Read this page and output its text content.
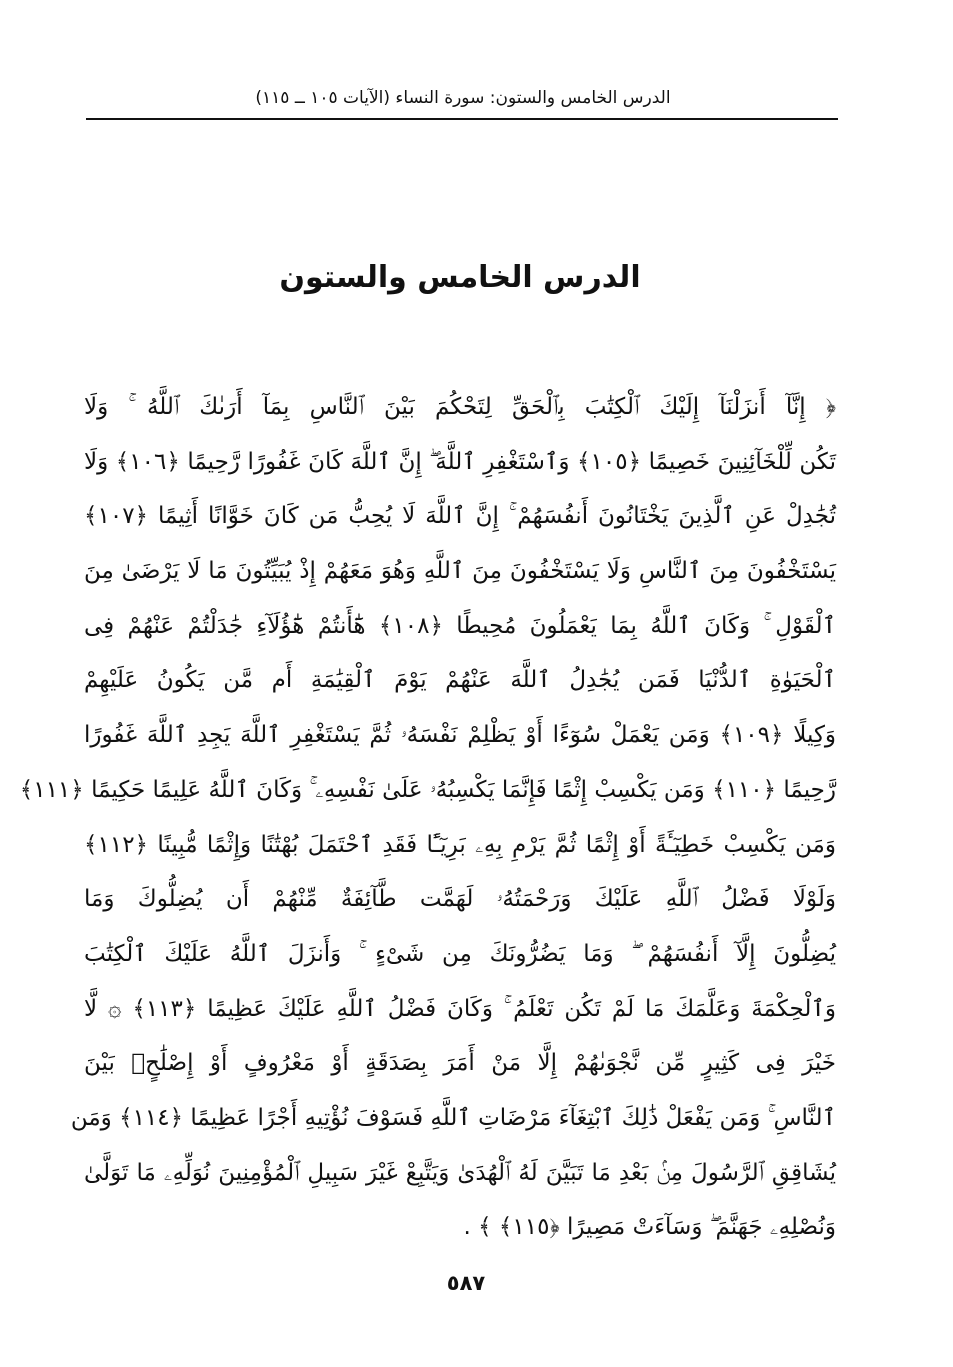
الدرس الخامس والستون: سورة النساء (الآيات ١٠٥ ــ ١١٥)
الدرس الخامس والستون
﴿ إِنَّآ أَنزَلْنَآ إِلَيْكَ ٱلْكِتَٰبَ بِٱلْحَقِّ لِتَحْكُمَ بَيْنَ ٱلنَّاسِ بِمَآ أَرَىٰكَ ٱللَّهُ ۚ وَلَا
تَكُن لِّلْخَآئِنِينَ خَصِيمًا ﴿١٠٥﴾ وَٱسْتَغْفِرِ ٱللَّهَ ۖ إِنَّ ٱللَّهَ كَانَ غَفُورًا رَّحِيمًا ﴿١٠٦﴾ وَلَا
تُجَٰدِلْ عَنِ ٱلَّذِينَ يَخْتَانُونَ أَنفُسَهُمْ ۚ إِنَّ ٱللَّهَ لَا يُحِبُّ مَن كَانَ خَوَّانًا أَثِيمًا ﴿١٠٧﴾
يَسْتَخْفُونَ مِنَ ٱلنَّاسِ وَلَا يَسْتَخْفُونَ مِنَ ٱللَّهِ وَهُوَ مَعَهُمْ إِذْ يُبَيِّتُونَ مَا لَا يَرْضَىٰ مِنَ
ٱلْقَوْلِ ۚ وَكَانَ ٱللَّهُ بِمَا يَعْمَلُونَ مُحِيطًا ﴿١٠٨﴾ هَٰٓأَنتُمْ هَٰٓؤُلَآءِ جَٰدَلْتُمْ عَنْهُمْ فِى
ٱلْحَيَوٰةِ ٱلدُّنْيَا فَمَن يُجَٰدِلُ ٱللَّهَ عَنْهُمْ يَوْمَ ٱلْقِيَٰمَةِ أَم مَّن يَكُونُ عَلَيْهِمْ
وَكِيلًا ﴿١٠٩﴾ وَمَن يَعْمَلْ سُوٓءًا أَوْ يَظْلِمْ نَفْسَهُۥ ثُمَّ يَسْتَغْفِرِ ٱللَّهَ يَجِدِ ٱللَّهَ غَفُورًا
رَّحِيمًا ﴿١١٠﴾ وَمَن يَكْسِبْ إِثْمًا فَإِنَّمَا يَكْسِبُهُۥ عَلَىٰ نَفْسِهِۦ ۚ وَكَانَ ٱللَّهُ عَلِيمًا حَكِيمًا ﴿١١١﴾
وَمَن يَكْسِبْ خَطِيٓـَٔةً أَوْ إِثْمًا ثُمَّ يَرْمِ بِهِۦ بَرِيٓـًٔا فَقَدِ ٱحْتَمَلَ بُهْتَٰنًا وَإِثْمًا مُّبِينًا ﴿١١٢﴾
وَلَوْلَا فَضْلُ ٱللَّهِ عَلَيْكَ وَرَحْمَتُهُۥ لَهَمَّت طَّآئِفَةٌ مِّنْهُمْ أَن يُضِلُّوكَ وَمَا
يُضِلُّونَ إِلَّآ أَنفُسَهُمْ ۖ وَمَا يَضُرُّونَكَ مِن شَىْءٍ ۚ وَأَنزَلَ ٱللَّهُ عَلَيْكَ ٱلْكِتَٰبَ
وَٱلْحِكْمَةَ وَعَلَّمَكَ مَا لَمْ تَكُن تَعْلَمُ ۚ وَكَانَ فَضْلُ ٱللَّهِ عَلَيْكَ عَظِيمًا ﴿١١٣﴾ ۞ لَّا
خَيْرَ فِى كَثِيرٍ مِّن نَّجْوَىٰهُمْ إِلَّا مَنْ أَمَرَ بِصَدَقَةٍ أَوْ مَعْرُوفٍ أَوْ إِصْلَٰحٍۭ بَيْنَ
ٱلنَّاسِ ۚ وَمَن يَفْعَلْ ذَٰلِكَ ٱبْتِغَآءَ مَرْضَاتِ ٱللَّهِ فَسَوْفَ نُؤْتِيهِ أَجْرًا عَظِيمًا ﴿١١٤﴾ وَمَن
يُشَاقِقِ ٱلرَّسُولَ مِنۢ بَعْدِ مَا تَبَيَّنَ لَهُ ٱلْهُدَىٰ وَيَتَّبِعْ غَيْرَ سَبِيلِ ٱلْمُؤْمِنِينَ نُوَلِّهِۦ مَا تَوَلَّىٰ
وَنُصْلِهِۦ جَهَنَّمَ ۖ وَسَآءَتْ مَصِيرًا ﴿١١٥﴾ ﴾ .
٥٨٧
